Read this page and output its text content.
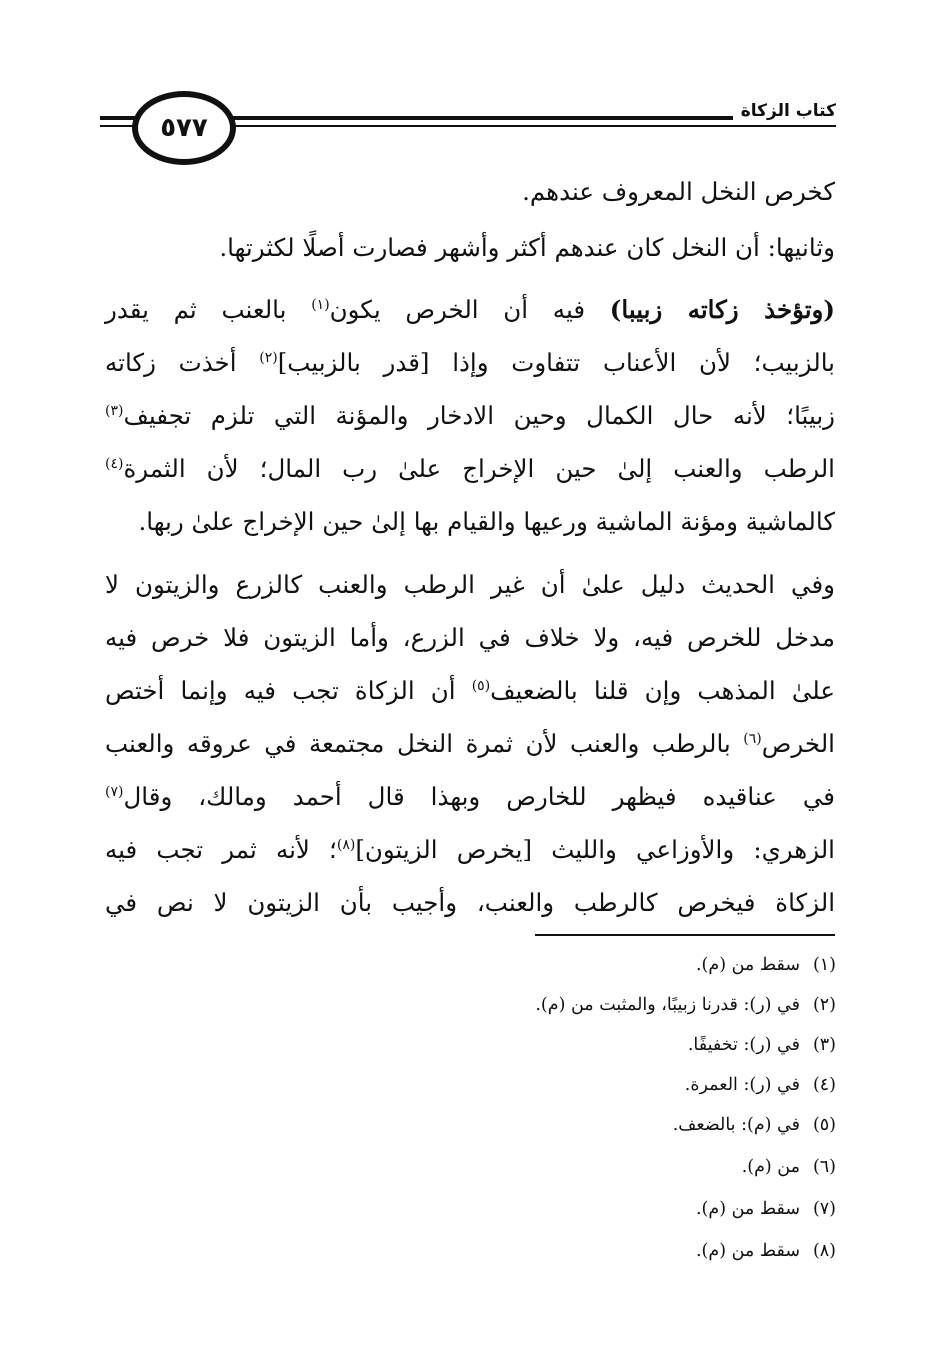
كتاب الزكاة
٥٧٧
كخرص النخل المعروف عندهم.
وثانيها: أن النخل كان عندهم أكثر وأشهر فصارت أصلًا لكثرتها.
(وتؤخذ زكاته زبيبا) فيه أن الخرص يكون$^{(١)}$ بالعنب ثم يقدر
بالزبيب؛ لأن الأعناب تتفاوت وإذا [قدر بالزبيب]$^{(٢)}$ أخذت زكاته
زبيبًا؛ لأنه حال الكمال وحين الادخار والمؤنة التي تلزم تجفيف$^{(٣)}$
الرطب والعنب إلىٰ حين الإخراج علىٰ رب المال؛ لأن الثمرة$^{(٤)}$
كالماشية ومؤنة الماشية ورعيها والقيام بها إلىٰ حين الإخراج علىٰ ربها.
وفي الحديث دليل علىٰ أن غير الرطب والعنب كالزرع والزيتون لا
مدخل للخرص فيه، ولا خلاف في الزرع، وأما الزيتون فلا خرص فيه
علىٰ المذهب وإن قلنا بالضعيف$^{(٥)}$ أن الزكاة تجب فيه وإنما أختص
الخرص$^{(٦)}$ بالرطب والعنب لأن ثمرة النخل مجتمعة في عروقه والعنب
في عناقيده فيظهر للخارص وبهذا قال أحمد ومالك، وقال$^{(٧)}$
الزهري: والأوزاعي والليث [يخرص الزيتون]$^{(٨)}$؛ لأنه ثمر تجب فيه
الزكاة فيخرص كالرطب والعنب، وأجيب بأن الزيتون لا نص في
(١)سقط من (م).
(٢)في (ر): قدرنا زبيبًا، والمثبت من (م).
(٣)في (ر): تخفيفًا.
(٤)في (ر): العمرة.
(٥)في (م): بالضعف.
(٦)من (م).
(٧)سقط من (م).
(٨)سقط من (م).
